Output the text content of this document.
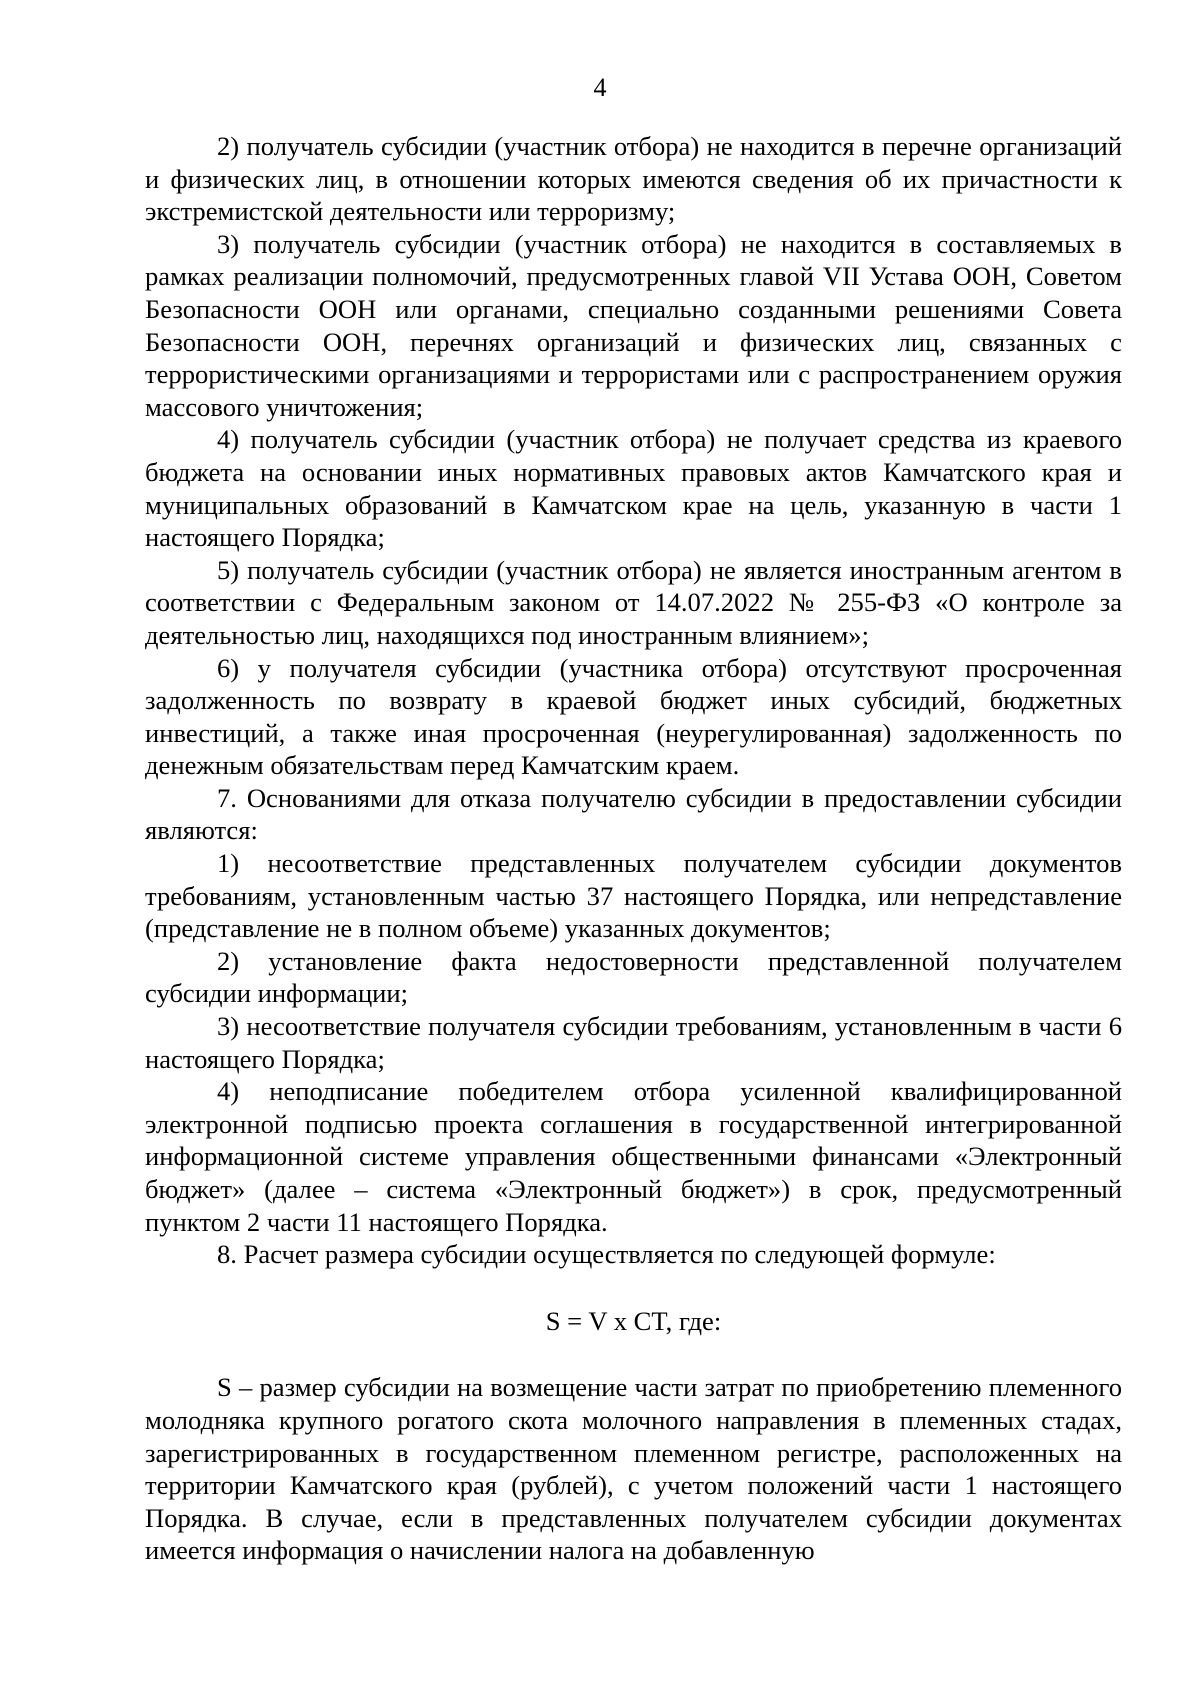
4

2) получатель субсидии (участник отбора) не находится в перечне организаций и физических лиц, в отношении которых имеются сведения об их причастности к экстремистской деятельности или терроризму;

3) получатель субсидии (участник отбора) не находится в составляемых в рамках реализации полномочий, предусмотренных главой VII Устава ООН, Советом Безопасности ООН или органами, специально созданными решениями Совета Безопасности ООН, перечнях организаций и физических лиц, связанных с террористическими организациями и террористами или с распространением оружия массового уничтожения;

4) получатель субсидии (участник отбора) не получает средства из краевого бюджета на основании иных нормативных правовых актов Камчатского края и муниципальных образований в Камчатском крае на цель, указанную в части 1 настоящего Порядка;

5) получатель субсидии (участник отбора) не является иностранным агентом в соответствии с Федеральным законом от 14.07.2022 № 255-ФЗ «О контроле за деятельностью лиц, находящихся под иностранным влиянием»;

6) у получателя субсидии (участника отбора) отсутствуют просроченная задолженность по возврату в краевой бюджет иных субсидий, бюджетных инвестиций, а также иная просроченная (неурегулированная) задолженность по денежным обязательствам перед Камчатским краем.

7. Основаниями для отказа получателю субсидии в предоставлении субсидии являются:

1) несоответствие представленных получателем субсидии документов требованиям, установленным частью 37 настоящего Порядка, или непредставление (представление не в полном объеме) указанных документов;

2) установление факта недостоверности представленной получателем субсидии информации;

3) несоответствие получателя субсидии требованиям, установленным в части 6 настоящего Порядка;

4) неподписание победителем отбора усиленной квалифицированной электронной подписью проекта соглашения в государственной интегрированной информационной системе управления общественными финансами «Электронный бюджет» (далее – система «Электронный бюджет») в срок, предусмотренный пунктом 2 части 11 настоящего Порядка.

8. Расчет размера субсидии осуществляется по следующей формуле:

S = V x CT, где:

S – размер субсидии на возмещение части затрат по приобретению племенного молодняка крупного рогатого скота молочного направления в племенных стадах, зарегистрированных в государственном племенном регистре, расположенных на территории Камчатского края (рублей), с учетом положений части 1 настоящего Порядка. В случае, если в представленных получателем субсидии документах имеется информация о начислении налога на добавленную
